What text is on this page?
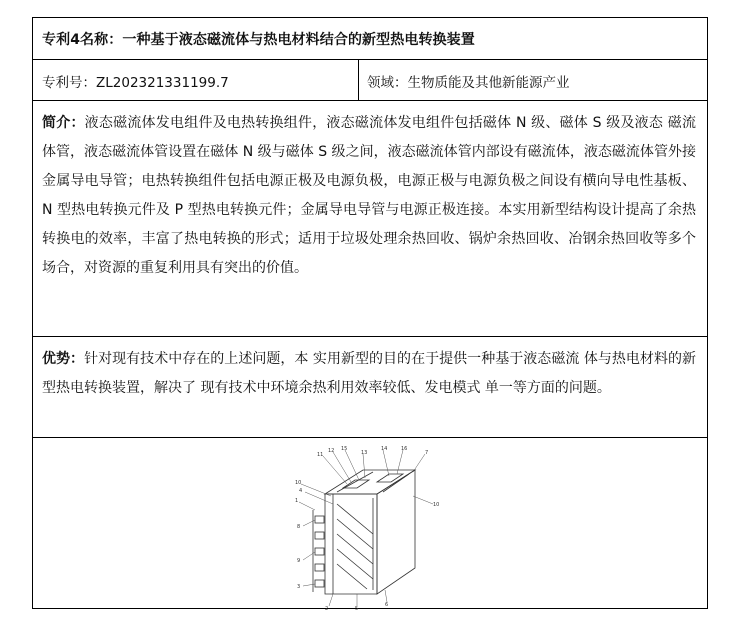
专利4名称：一种基于液态磁流体与热电材料结合的新型热电转换装置
专利号：ZL202321331199.7	领域：生物质能及其他新能源产业
简介：液态磁流体发电组件及电热转换组件，液态磁流体发电组件包括磁体 N 级、磁体 S 级及液态 磁流体管，液态磁流体管设置在磁体 N 级与磁体 S 级之间，液态磁流体管内部设有磁流体，液态磁流体管外接金属导电导管；电热转换组件包括电源正极及电源负极，电源正极与电源负极之间设有横向导电性基板、N 型热电转换元件及 P 型热电转换元件；金属导电导管与电源正极连接。本实用新型结构设计提高了余热转换电的效率，丰富了热电转换的形式；适用于垃圾处理余热回收、锅炉余热回收、冶钢余热回收等多个场合，对资源的重复利用具有突出的价值。
优势：针对现有技术中存在的上述问题，本 实用新型的目的在于提供一种基于液态磁流 体与热电材料的新型热电转换装置，解决了 现有技术中环境余热利用效率较低、发电模式 单一等方面的问题。
11
12 15
13
14	16
7
10
10
4
1
8
9
3
2	5
6
